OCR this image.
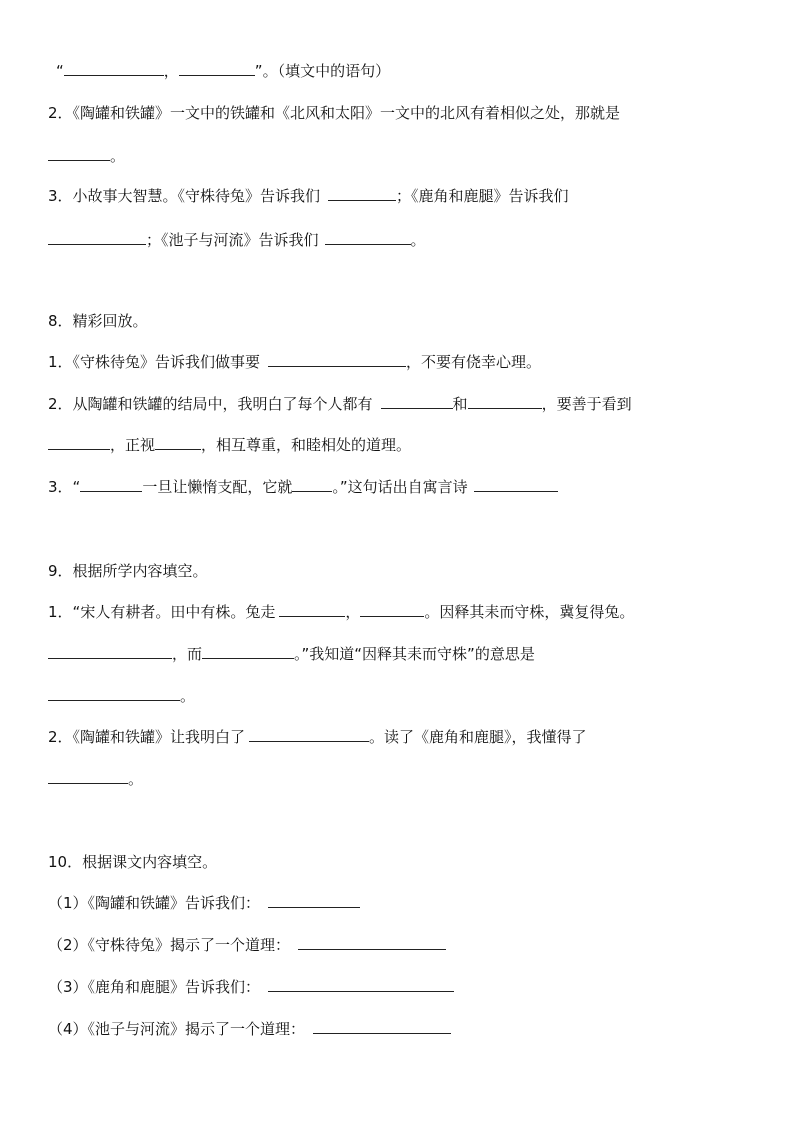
“	，	”。（填文中的语句）
2．《陶罐和铁罐》一文中的铁罐和《北风和太阳》一文中的北风有着相似之处，那就是
。
3．小故事大智慧。《守株待兔》告诉我们	；《鹿角和鹿腿》告诉我们
；《池子与河流》告诉我们	。
8．精彩回放。
1．《守株待兔》告诉我们做事要	，不要有侥幸心理。
2．从陶罐和铁罐的结局中，我明白了每个人都有	和	，要善于看到
，正视	，相互尊重，和睦相处的道理。
3．“	一旦让懒惰支配，它就	。”这句话出自寓言诗
9．根据所学内容填空。
1．“宋人有耕者。田中有株。兔走	，	。因释其耒而守株，冀复得兔。
，而	。”我知道“因释其耒而守株”的意思是
。
2．《陶罐和铁罐》让我明白了	。读了《鹿角和鹿腿》，我懂得了
。
10．根据课文内容填空。
（1）《陶罐和铁罐》告诉我们：
（2）《守株待兔》揭示了一个道理：
（3）《鹿角和鹿腿》告诉我们：
（4）《池子与河流》揭示了一个道理：
